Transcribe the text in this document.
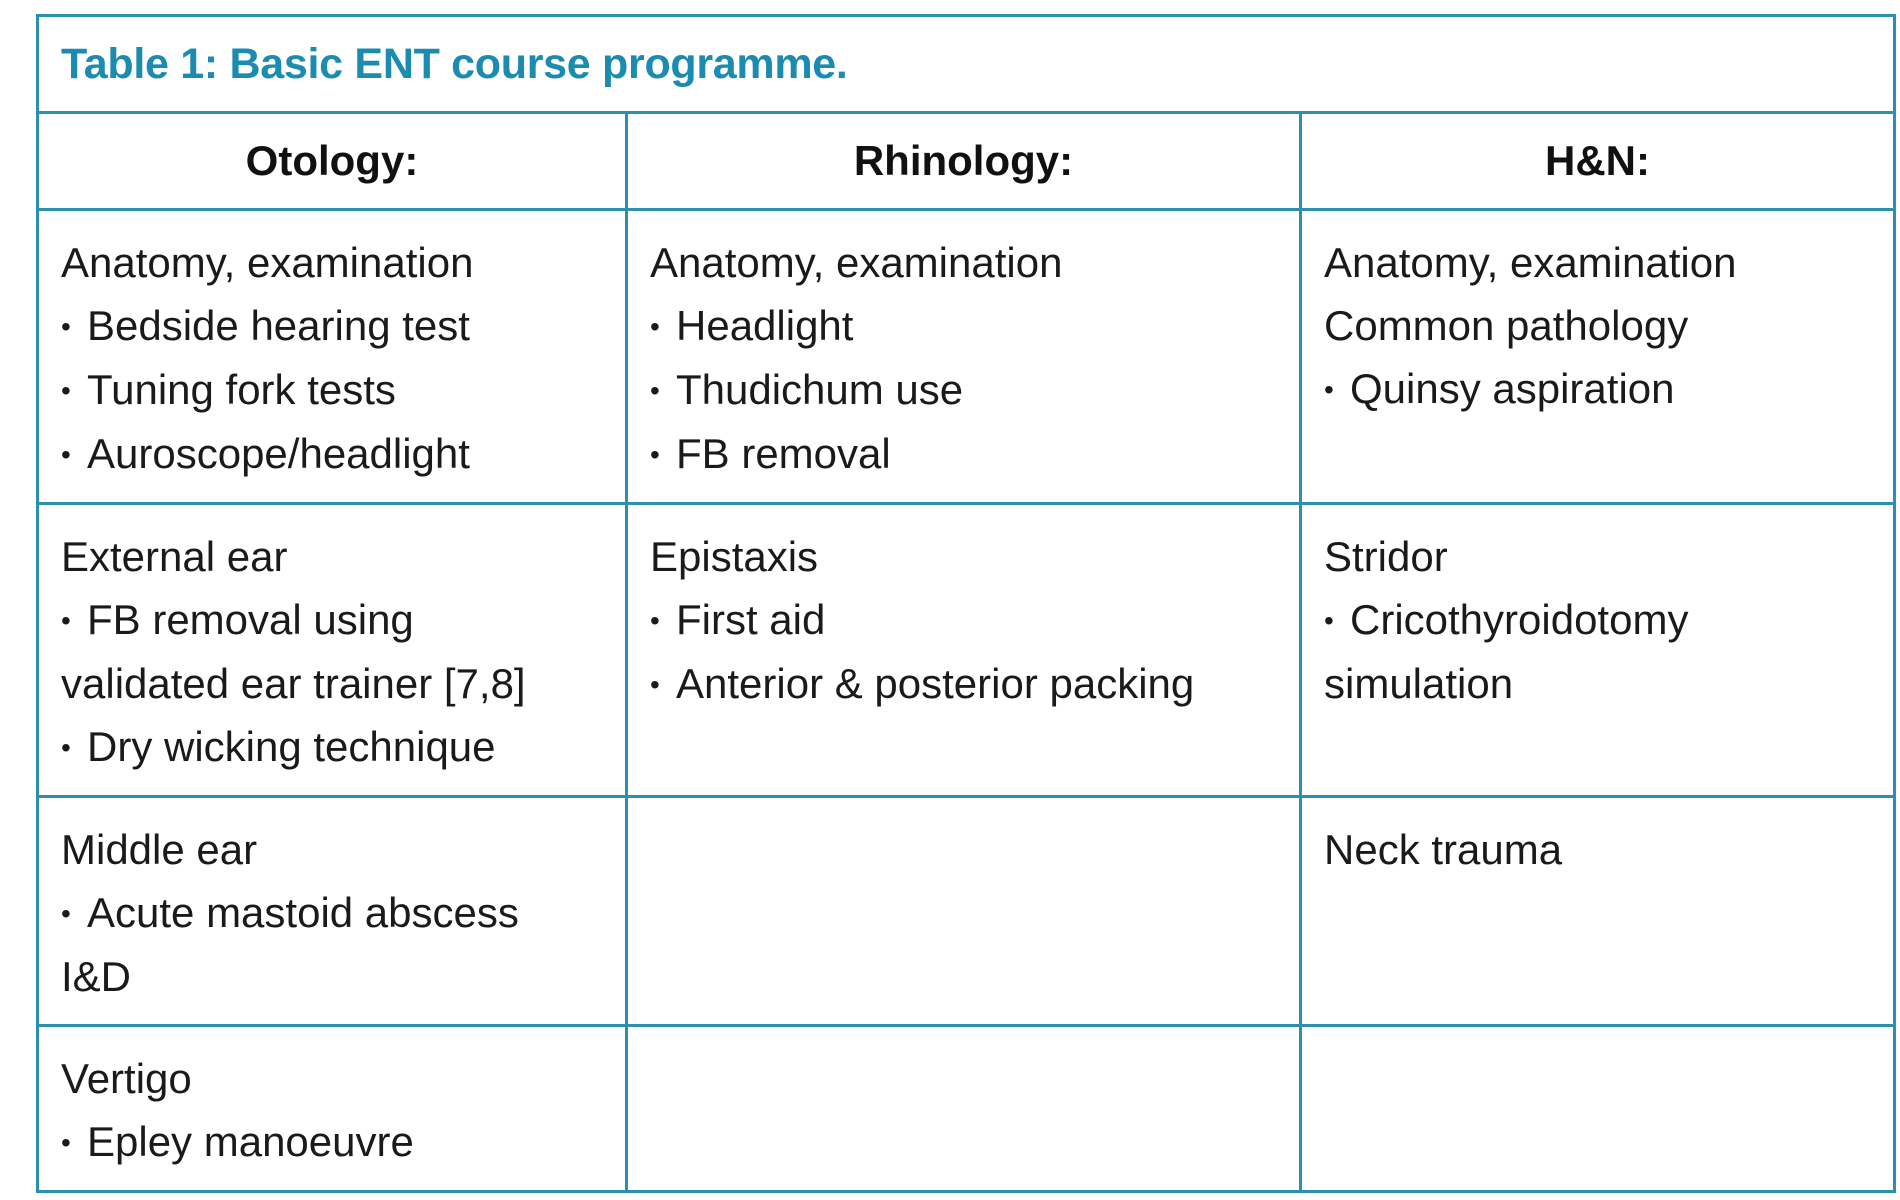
Table 1: Basic ENT course programme.		
Otology:	Rhinology:	H&N:

Anatomy, examination
• Bedside hearing test
• Tuning fork tests
• Auroscope/headlight	Anatomy, examination
• Headlight
• Thudichum use
• FB removal	Anatomy, examination
Common pathology
• Quinsy aspiration

External ear
• FB removal using
validated ear trainer [7,8]
• Dry wicking technique	Epistaxis
• First aid
• Anterior & posterior packing	Stridor
• Cricothyroidotomy
simulation

Middle ear
• Acute mastoid abscess
I&D		Neck trauma

Vertigo
• Epley manoeuvre		
